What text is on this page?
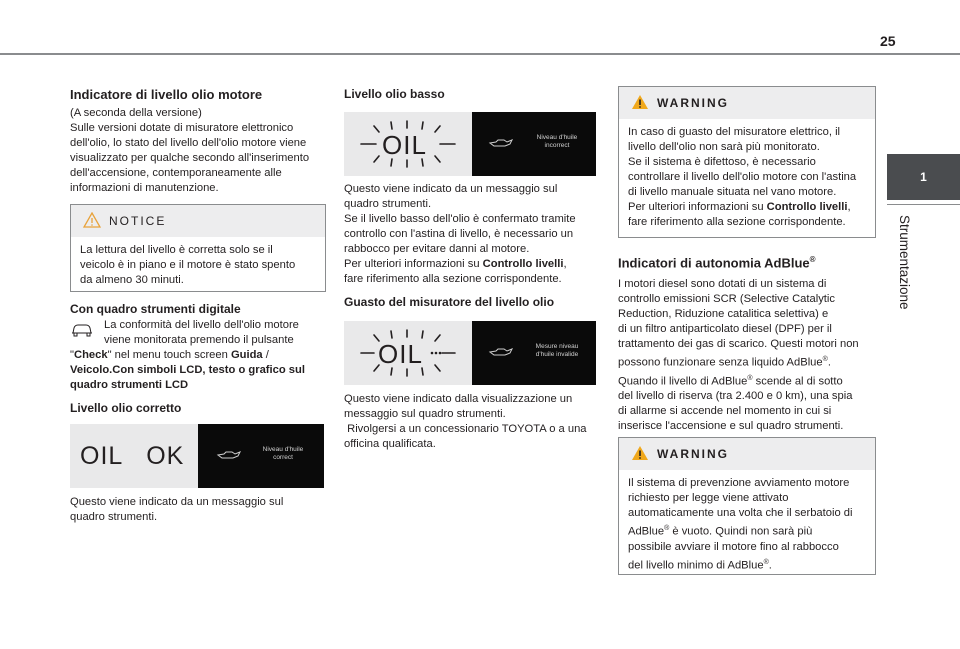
25
1
Strumentazione
Indicatore di livello olio motore

(A seconda della versione)

Sulle versioni dotate di misuratore elettronico

dell'olio, lo stato del livello dell'olio motore viene

visualizzato per qualche secondo all'inserimento

dell'accensione, contemporaneamente alle

informazioni di manutenzione.

NOTICE

La lettura del livello è corretta solo se il

veicolo è in piano e il motore è stato spento

da almeno 30 minuti.

Con quadro strumenti digitale

La conformità del livello dell'olio motore

viene monitorata premendo il pulsante

"Check" nel menu touch screen Guida /

Veicolo.Con simboli LCD, testo o grafico sul

quadro strumenti LCD

Livello olio corretto
OIL   OK	Niveau d'huile
correct

Questo viene indicato da un messaggio sul

quadro strumenti.

Livello olio basso
OIL	Niveau d'huile
incorrect

Questo viene indicato da un messaggio sul

quadro strumenti.

Se il livello basso dell'olio è confermato tramite

controllo con l'astina di livello, è necessario un

rabbocco per evitare danni al motore.

Per ulteriori informazioni su Controllo livelli,

fare riferimento alla sezione corrispondente.

Guasto del misuratore del livello olio
OIL	Mesure niveau
d'huile invalide

Questo viene indicato dalla visualizzazione un

messaggio sul quadro strumenti.

Rivolgersi a un concessionario TOYOTA o a una

officina qualificata.

WARNING

In caso di guasto del misuratore elettrico, il

livello dell'olio non sarà più monitorato.

Se il sistema è difettoso, è necessario

controllare il livello dell'olio motore con l'astina

di livello manuale situata nel vano motore.

Per ulteriori informazioni su Controllo livelli,

fare riferimento alla sezione corrispondente.

Indicatori di autonomia AdBlue®

I motori diesel sono dotati di un sistema di

controllo emissioni SCR (Selective Catalytic

Reduction, Riduzione catalitica selettiva) e

di un filtro antiparticolato diesel (DPF) per il

trattamento dei gas di scarico. Questi motori non

possono funzionare senza liquido AdBlue®.

Quando il livello di AdBlue® scende al di sotto

del livello di riserva (tra 2.400 e 0 km), una spia

di allarme si accende nel momento in cui si

inserisce l'accensione e sul quadro strumenti.

WARNING

Il sistema di prevenzione avviamento motore

richiesto per legge viene attivato

automaticamente una volta che il serbatoio di

AdBlue® è vuoto. Quindi non sarà più

possibile avviare il motore fino al rabbocco

del livello minimo di AdBlue®.
